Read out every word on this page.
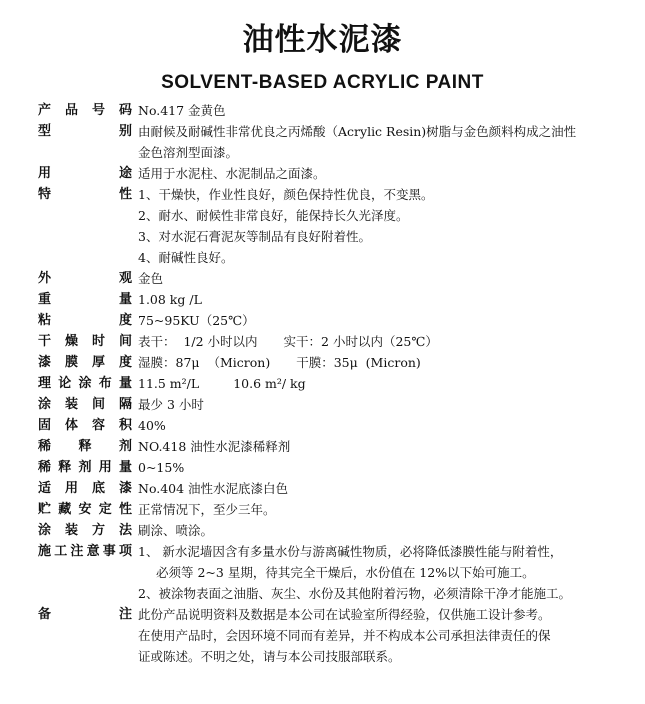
油性水泥漆
SOLVENT-BASED ACRYLIC PAINT
产品号码 No.417 金黄色
型别 由耐候及耐碱性非常优良之丙烯酸（Acrylic Resin)树脂与金色颜料构成之油性
金色溶剂型面漆。
用途 适用于水泥柱、水泥制品之面漆。
特性 1、干燥快，作业性良好，颜色保持性优良，不变黑。
2、耐水、耐候性非常良好，能保持长久光泽度。
3、对水泥石膏泥灰等制品有良好附着性。
4、耐碱性良好。
外观 金色
重量 1.08 kg /L
粘度 75~95KU（25℃）
干燥时间 表干：  1/2 小时以内 实干：2 小时以内（25℃）
漆膜厚度 湿膜：87μ  （Micron) 干膜：35μ  (Micron)
理论涂布量 11.5 m²/L	10.6 m²/ kg
涂装间隔 最少 3 小时
固体容积 40%
稀释剂 NO.418 油性水泥漆稀释剂
稀释剂用量 0~15%
适用底漆 No.404 油性水泥底漆白色
贮藏安定性 正常情况下，至少三年。
涂装方法 刷涂、喷涂。
施工注意事项 1、 新水泥墙因含有多量水份与游离碱性物质，必将降低漆膜性能与附着性，
必须等 2~3 星期，待其完全干燥后，水份值在 12%以下始可施工。
2、被涂物表面之油脂、灰尘、水份及其他附着污物，必须清除干净才能施工。
备注 此份产品说明资料及数据是本公司在试验室所得经验，仅供施工设计参考。
在使用产品时，会因环境不同而有差异，并不构成本公司承担法律责任的保
证或陈述。不明之处，请与本公司技服部联系。
